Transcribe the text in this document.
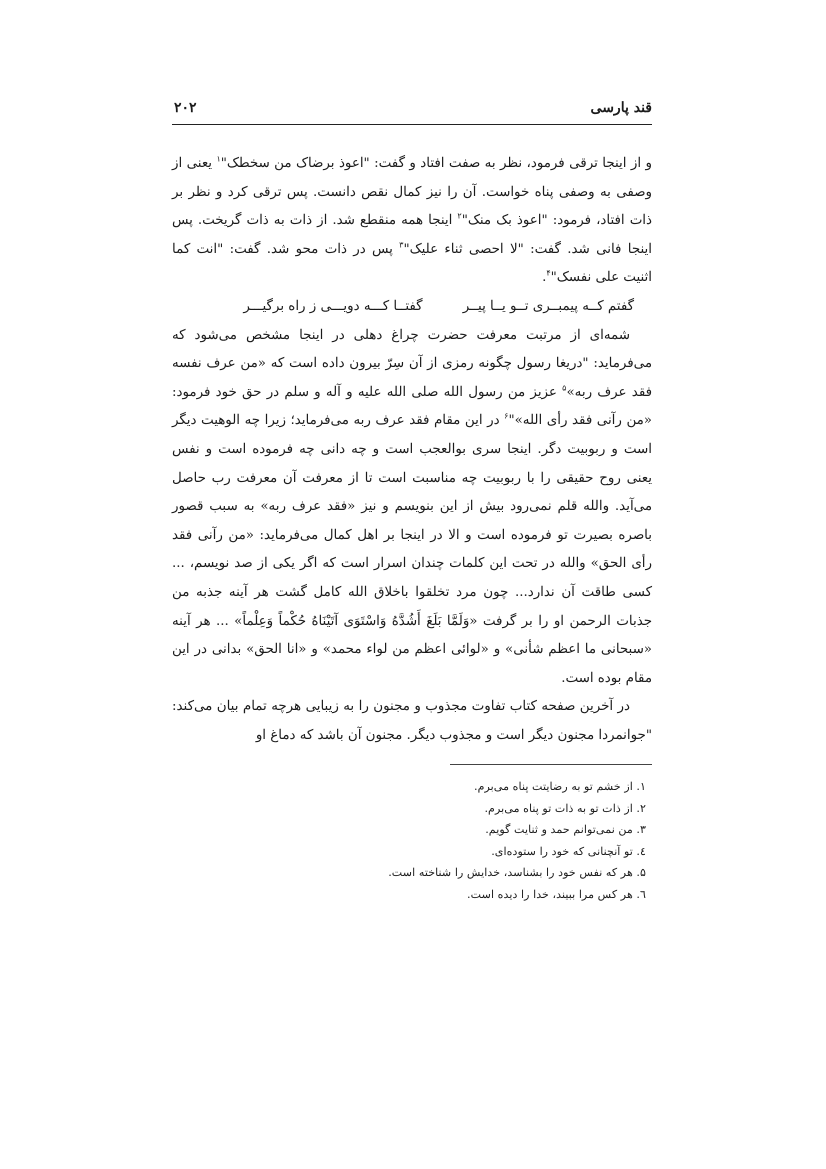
قند پارسی
۲۰۲

و از اینجا ترقی فرمود، نظر به صفت افتاد و گفت: "اعوذ برضاک من سخطک"$^۱$ یعنی از وصفی به وصفی پناه خواست. آن را نیز کمال نقص دانست. پس ترقی کرد و نظر بر ذات افتاد، فرمود: "اعوذ بک منک"$^۲$ اینجا همه منقطع شد. از ذات به ذات گریخت. پس اینجا فانی شد. گفت: "لا احصی ثناء علیک"$^۳$ پس در ذات محو شد. گفت: "انت کما اثنیت علی نفسک"$^۴$.

گفتم کــه پیمبــری تــو یــا پیــر گفتــا کـــه دویـــی ز راه برگیـــر

شمه‌ای از مرتبت معرفت حضرت چراغ دهلی در اینجا مشخص می‌شود که می‌فرماید: "دریغا رسول چگونه رمزی از آن سِرّ بیرون داده است که «من عرف نفسه فقد عرف ربه»$^۵$ عزیز من رسول الله صلی الله علیه و آله و سلم در حق خود فرمود: «من رآنی فقد رأی الله»"$^۶$ در این مقام فقد عرف ربه می‌فرماید؛ زیرا چه الوهیت دیگر است و ربوبیت دگر. اینجا سری بوالعجب است و چه دانی چه فرموده است و نفس یعنی روح حقیقی را با ربوبیت چه مناسبت است تا از معرفت آن معرفت رب حاصل می‌آید. والله قلم نمی‌رود بیش از این بنویسم و نیز «فقد عرف ربه» به سبب قصور باصره بصیرت تو فرموده است و الا در اینجا بر اهل کمال می‌فرماید: «من رآنی فقد رأی الحق» والله در تحت این کلمات چندان اسرار است که اگر یکی از صد نویسم، ... کسی طاقت آن ندارد... چون مرد تخلقوا باخلاق الله کامل گشت هر آینه جذبه من جذبات الرحمن او را بر گرفت «وَلَمَّا بَلَغَ أَشُدَّهُ وَاسْتَوَى آتَيْنَاهُ حُكْماً وَعِلْماً» ... هر آینه «سبحانی ما اعظم شأنی» و «لوائی اعظم من لواء محمد» و «انا الحق» بدانی در این مقام بوده است.

در آخرین صفحه کتاب تفاوت مجذوب و مجنون را به زیبایی هرچه تمام بیان می‌کند: "جوانمردا مجنون دیگر است و مجذوب دیگر. مجنون آن باشد که دماغ او

۱. از خشم تو به رضایتت پناه می‌برم.
۲. از ذات تو به ذات تو پناه می‌برم.
۳. من نمی‌توانم حمد و ثنایت گویم.
٤. تو آنچنانی که خود را ستوده‌ای.
۵. هر که نفس خود را بشناسد، خدایش را شناخته است.
٦. هر کس مرا ببیند، خدا را دیده است.
